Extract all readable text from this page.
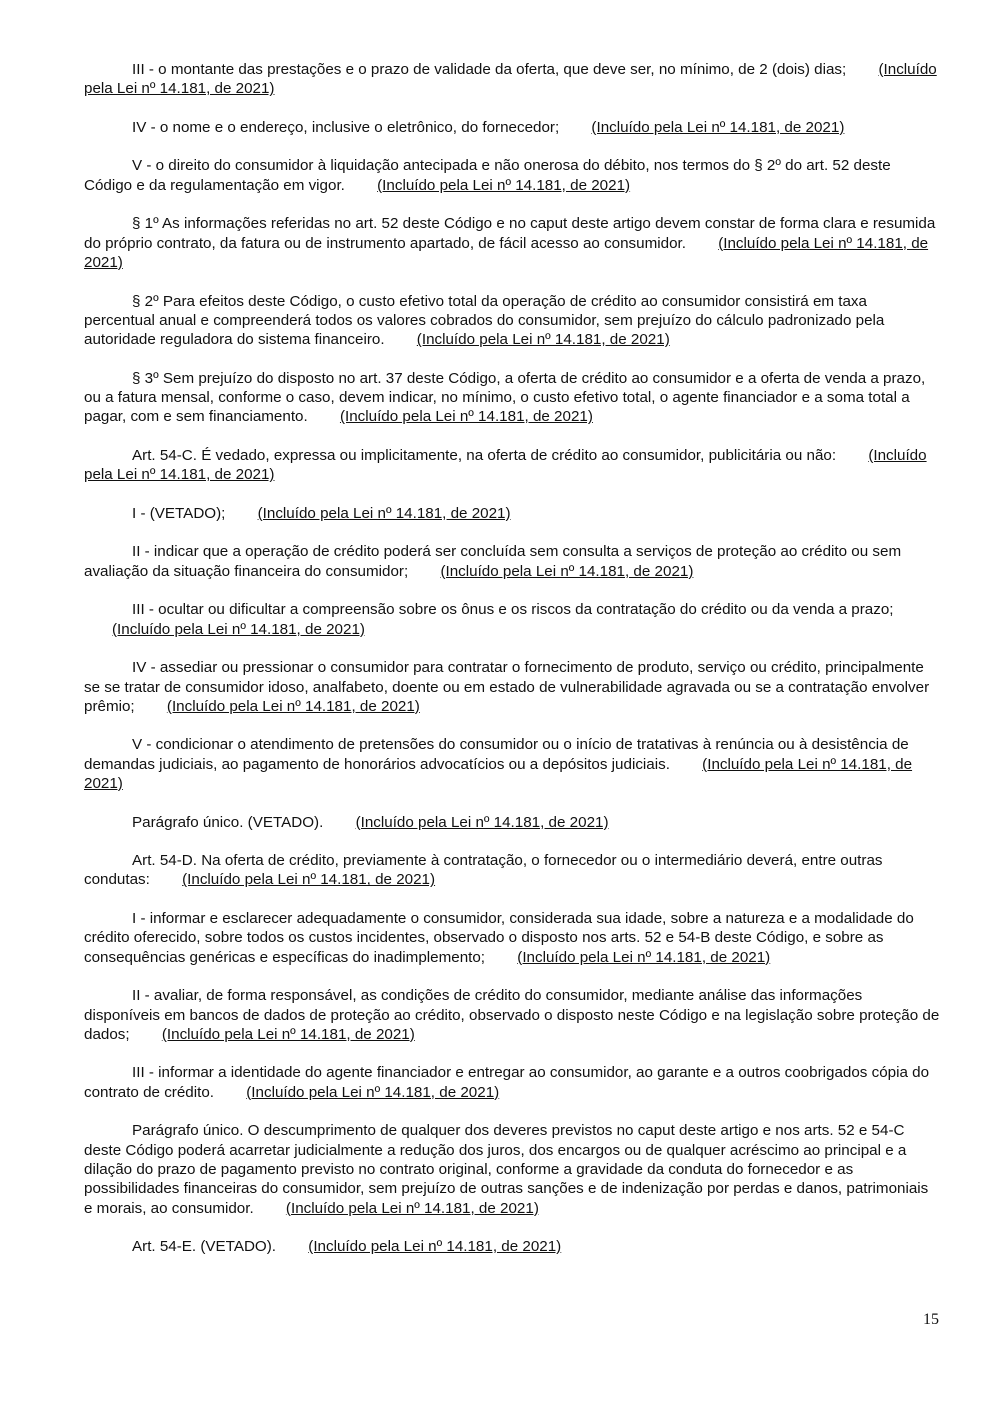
III - o montante das prestações e o prazo de validade da oferta, que deve ser, no mínimo, de 2 (dois) dias; (Incluído pela Lei nº 14.181, de 2021)

IV - o nome e o endereço, inclusive o eletrônico, do fornecedor; (Incluído pela Lei nº 14.181, de 2021)

V - o direito do consumidor à liquidação antecipada e não onerosa do débito, nos termos do § 2º do art. 52 deste Código e da regulamentação em vigor. (Incluído pela Lei nº 14.181, de 2021)

§ 1º As informações referidas no art. 52 deste Código e no caput deste artigo devem constar de forma clara e resumida do próprio contrato, da fatura ou de instrumento apartado, de fácil acesso ao consumidor. (Incluído pela Lei nº 14.181, de 2021)

§ 2º Para efeitos deste Código, o custo efetivo total da operação de crédito ao consumidor consistirá em taxa percentual anual e compreenderá todos os valores cobrados do consumidor, sem prejuízo do cálculo padronizado pela autoridade reguladora do sistema financeiro. (Incluído pela Lei nº 14.181, de 2021)

§ 3º Sem prejuízo do disposto no art. 37 deste Código, a oferta de crédito ao consumidor e a oferta de venda a prazo, ou a fatura mensal, conforme o caso, devem indicar, no mínimo, o custo efetivo total, o agente financiador e a soma total a pagar, com e sem financiamento. (Incluído pela Lei nº 14.181, de 2021)

Art. 54-C. É vedado, expressa ou implicitamente, na oferta de crédito ao consumidor, publicitária ou não: (Incluído pela Lei nº 14.181, de 2021)

I - (VETADO); (Incluído pela Lei nº 14.181, de 2021)

II - indicar que a operação de crédito poderá ser concluída sem consulta a serviços de proteção ao crédito ou sem avaliação da situação financeira do consumidor; (Incluído pela Lei nº 14.181, de 2021)

III - ocultar ou dificultar a compreensão sobre os ônus e os riscos da contratação do crédito ou da venda a prazo; (Incluído pela Lei nº 14.181, de 2021)

IV - assediar ou pressionar o consumidor para contratar o fornecimento de produto, serviço ou crédito, principalmente se se tratar de consumidor idoso, analfabeto, doente ou em estado de vulnerabilidade agravada ou se a contratação envolver prêmio; (Incluído pela Lei nº 14.181, de 2021)

V - condicionar o atendimento de pretensões do consumidor ou o início de tratativas à renúncia ou à desistência de demandas judiciais, ao pagamento de honorários advocatícios ou a depósitos judiciais. (Incluído pela Lei nº 14.181, de 2021)

Parágrafo único. (VETADO). (Incluído pela Lei nº 14.181, de 2021)

Art. 54-D. Na oferta de crédito, previamente à contratação, o fornecedor ou o intermediário deverá, entre outras condutas: (Incluído pela Lei nº 14.181, de 2021)

I - informar e esclarecer adequadamente o consumidor, considerada sua idade, sobre a natureza e a modalidade do crédito oferecido, sobre todos os custos incidentes, observado o disposto nos arts. 52 e 54-B deste Código, e sobre as consequências genéricas e específicas do inadimplemento; (Incluído pela Lei nº 14.181, de 2021)

II - avaliar, de forma responsável, as condições de crédito do consumidor, mediante análise das informações disponíveis em bancos de dados de proteção ao crédito, observado o disposto neste Código e na legislação sobre proteção de dados; (Incluído pela Lei nº 14.181, de 2021)

III - informar a identidade do agente financiador e entregar ao consumidor, ao garante e a outros coobrigados cópia do contrato de crédito. (Incluído pela Lei nº 14.181, de 2021)

Parágrafo único. O descumprimento de qualquer dos deveres previstos no caput deste artigo e nos arts. 52 e 54-C deste Código poderá acarretar judicialmente a redução dos juros, dos encargos ou de qualquer acréscimo ao principal e a dilação do prazo de pagamento previsto no contrato original, conforme a gravidade da conduta do fornecedor e as possibilidades financeiras do consumidor, sem prejuízo de outras sanções e de indenização por perdas e danos, patrimoniais e morais, ao consumidor. (Incluído pela Lei nº 14.181, de 2021)

Art. 54-E. (VETADO). (Incluído pela Lei nº 14.181, de 2021)

15
